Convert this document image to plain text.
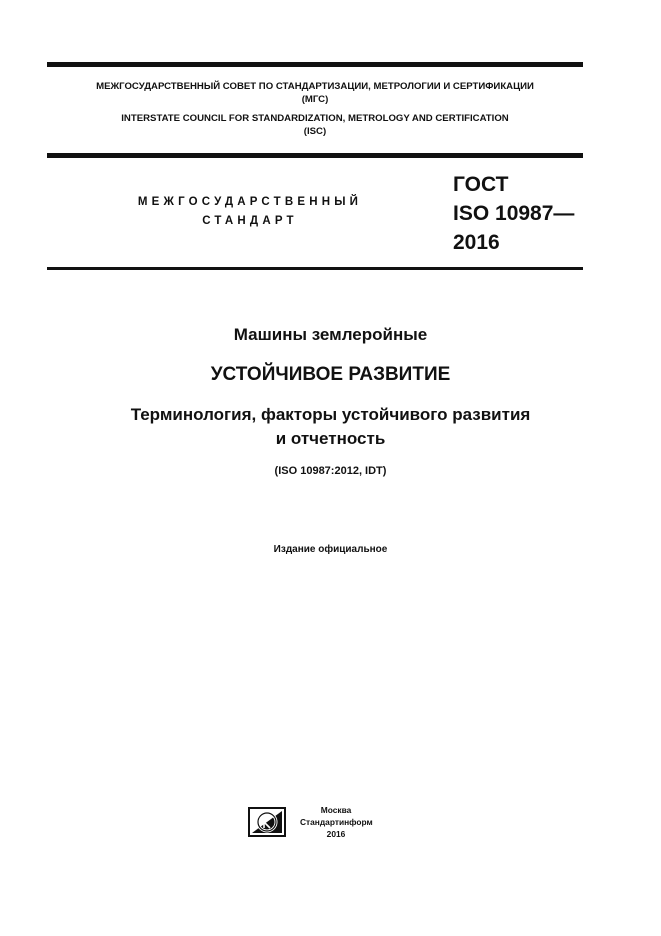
МЕЖГОСУДАРСТВЕННЫЙ СОВЕТ ПО СТАНДАРТИЗАЦИИ, МЕТРОЛОГИИ И СЕРТИФИКАЦИИ
(МГС)
INTERSTATE COUNCIL FOR STANDARDIZATION, METROLOGY AND CERTIFICATION
(ISC)
МЕЖГОСУДАРСТВЕННЫЙ
СТАНДАРТ
ГОСТ
ISO 10987—
2016
Машины землеройные
УСТОЙЧИВОЕ РАЗВИТИЕ
Терминология, факторы устойчивого развития
и отчетность
(ISO 10987:2012, IDT)
Издание официальное
Москва
Стандартинформ
2016
